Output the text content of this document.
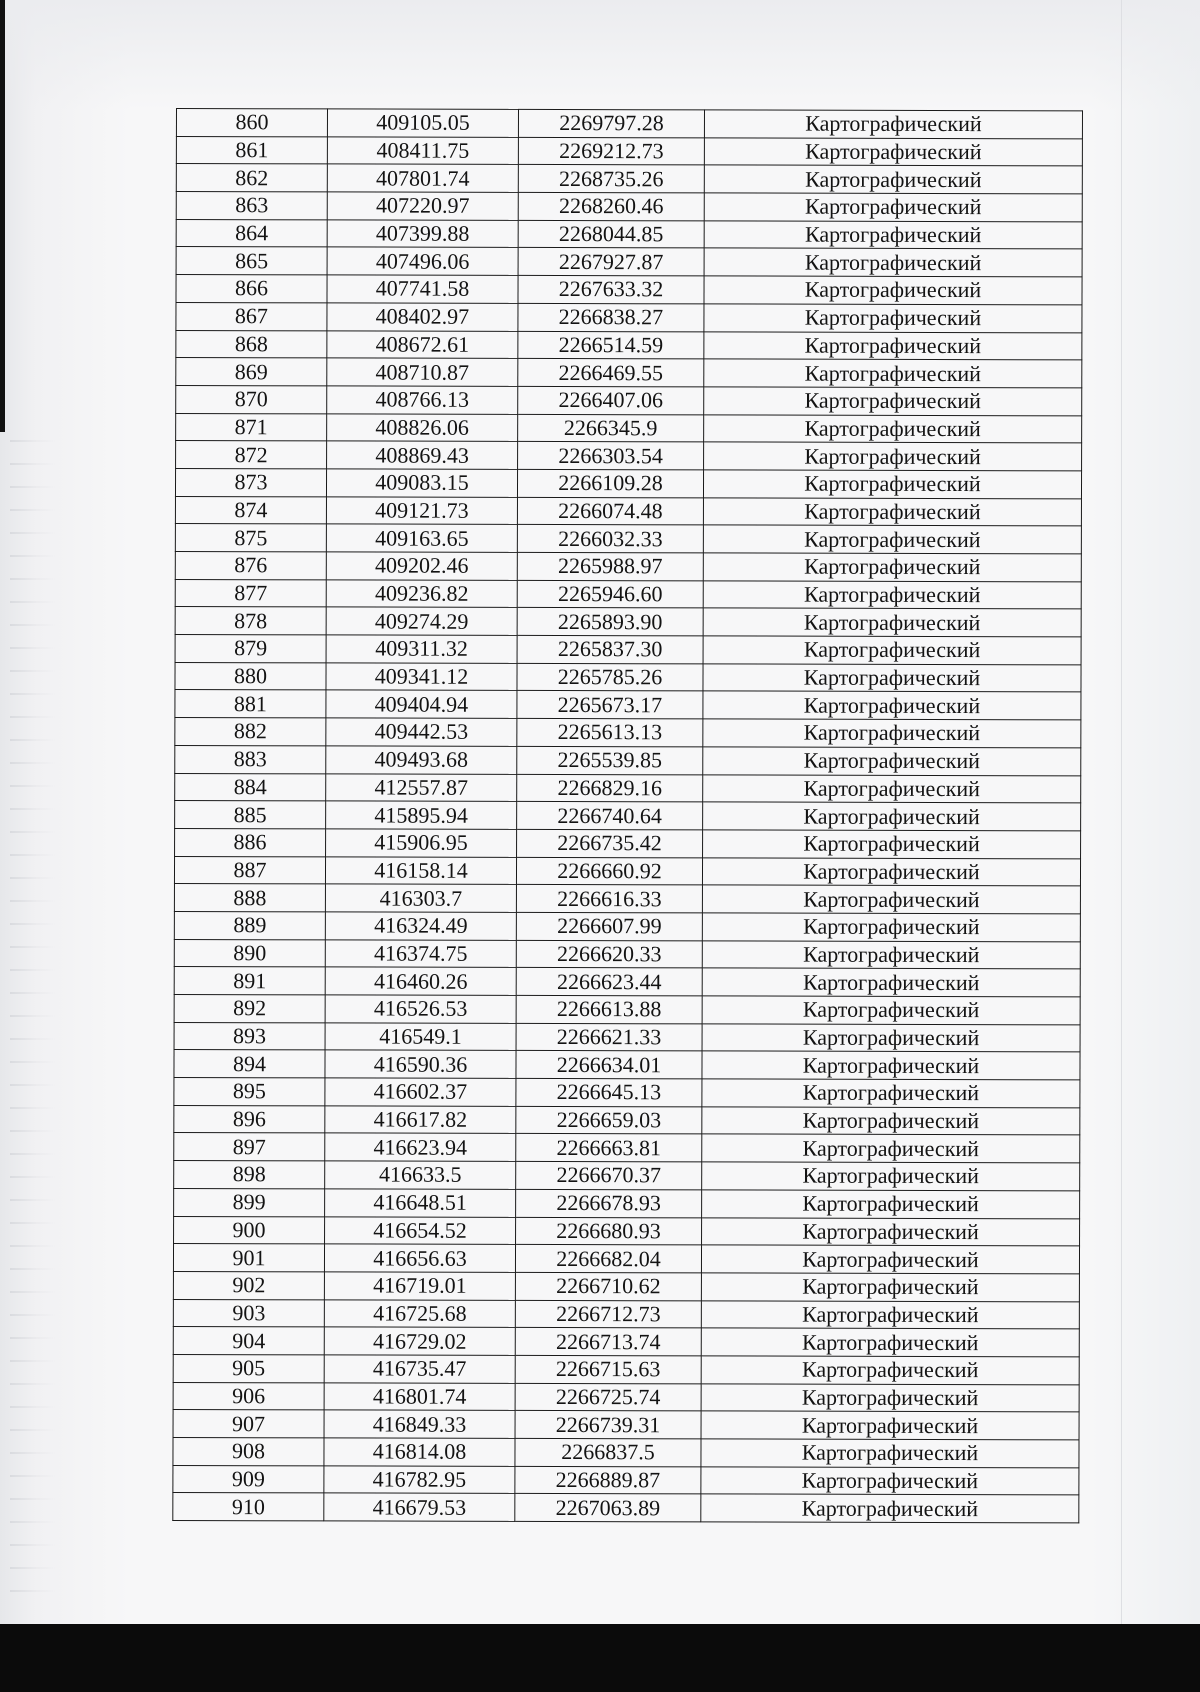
860	409105.05	2269797.28	Картографический
861	408411.75	2269212.73	Картографический
862	407801.74	2268735.26	Картографический
863	407220.97	2268260.46	Картографический
864	407399.88	2268044.85	Картографический
865	407496.06	2267927.87	Картографический
866	407741.58	2267633.32	Картографический
867	408402.97	2266838.27	Картографический
868	408672.61	2266514.59	Картографический
869	408710.87	2266469.55	Картографический
870	408766.13	2266407.06	Картографический
871	408826.06	2266345.9	Картографический
872	408869.43	2266303.54	Картографический
873	409083.15	2266109.28	Картографический
874	409121.73	2266074.48	Картографический
875	409163.65	2266032.33	Картографический
876	409202.46	2265988.97	Картографический
877	409236.82	2265946.60	Картографический
878	409274.29	2265893.90	Картографический
879	409311.32	2265837.30	Картографический
880	409341.12	2265785.26	Картографический
881	409404.94	2265673.17	Картографический
882	409442.53	2265613.13	Картографический
883	409493.68	2265539.85	Картографический
884	412557.87	2266829.16	Картографический
885	415895.94	2266740.64	Картографический
886	415906.95	2266735.42	Картографический
887	416158.14	2266660.92	Картографический
888	416303.7	2266616.33	Картографический
889	416324.49	2266607.99	Картографический
890	416374.75	2266620.33	Картографический
891	416460.26	2266623.44	Картографический
892	416526.53	2266613.88	Картографический
893	416549.1	2266621.33	Картографический
894	416590.36	2266634.01	Картографический
895	416602.37	2266645.13	Картографический
896	416617.82	2266659.03	Картографический
897	416623.94	2266663.81	Картографический
898	416633.5	2266670.37	Картографический
899	416648.51	2266678.93	Картографический
900	416654.52	2266680.93	Картографический
901	416656.63	2266682.04	Картографический
902	416719.01	2266710.62	Картографический
903	416725.68	2266712.73	Картографический
904	416729.02	2266713.74	Картографический
905	416735.47	2266715.63	Картографический
906	416801.74	2266725.74	Картографический
907	416849.33	2266739.31	Картографический
908	416814.08	2266837.5	Картографический
909	416782.95	2266889.87	Картографический
910	416679.53	2267063.89	Картографический
